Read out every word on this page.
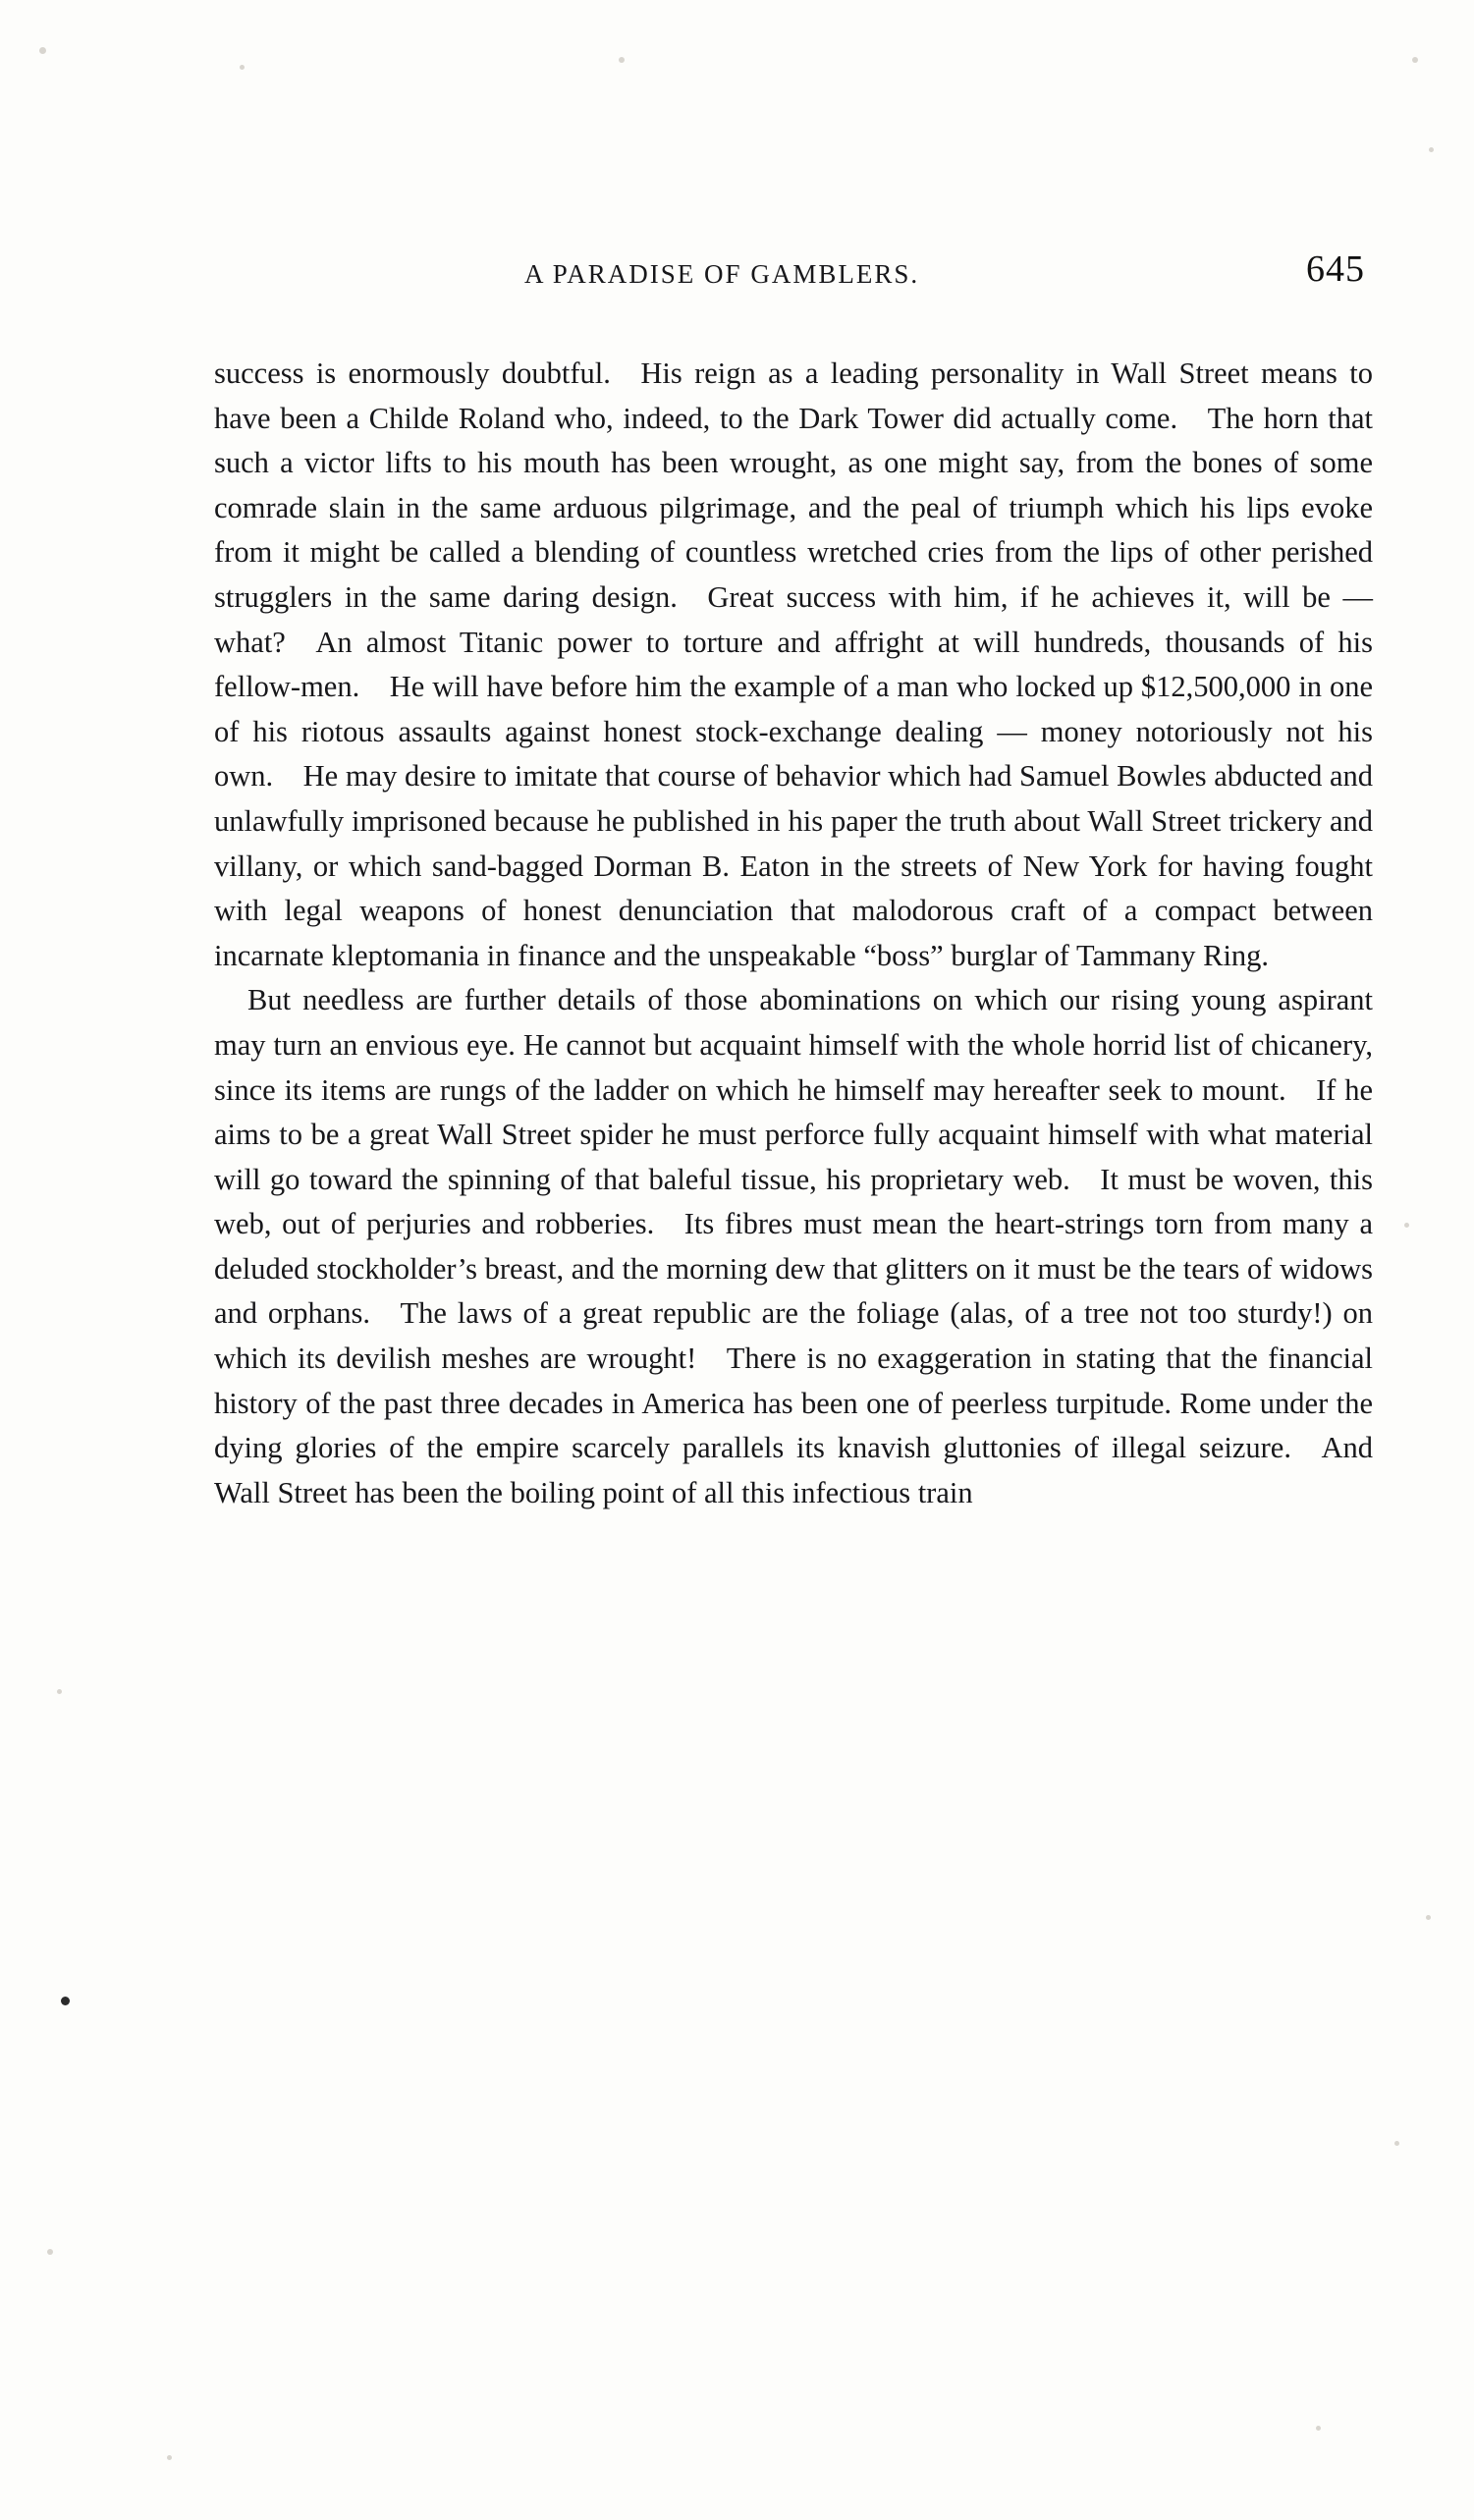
A PARADISE OF GAMBLERS.	645

success is enormously doubtful. His reign as a leading personality in Wall Street means to have been a Childe Roland who, indeed, to the Dark Tower did actually come. The horn that such a victor lifts to his mouth has been wrought, as one might say, from the bones of some comrade slain in the same arduous pilgrimage, and the peal of triumph which his lips evoke from it might be called a blending of countless wretched cries from the lips of other perished strugglers in the same daring design. Great success with him, if he achieves it, will be — what? An almost Titanic power to torture and affright at will hundreds, thousands of his fellow-men. He will have before him the example of a man who locked up $12,500,000 in one of his riotous assaults against honest stock-exchange dealing — money notoriously not his own. He may desire to imitate that course of behavior which had Samuel Bowles abducted and unlawfully imprisoned because he published in his paper the truth about Wall Street trickery and villany, or which sand-bagged Dorman B. Eaton in the streets of New York for having fought with legal weapons of honest denunciation that malodorous craft of a compact between incarnate kleptomania in finance and the unspeakable “boss” burglar of Tammany Ring.

But needless are further details of those abominations on which our rising young aspirant may turn an envious eye. He cannot but acquaint himself with the whole horrid list of chicanery, since its items are rungs of the ladder on which he himself may hereafter seek to mount. If he aims to be a great Wall Street spider he must perforce fully acquaint himself with what material will go toward the spinning of that baleful tissue, his proprietary web. It must be woven, this web, out of perjuries and robberies. Its fibres must mean the heart-strings torn from many a deluded stockholder’s breast, and the morning dew that glitters on it must be the tears of widows and orphans. The laws of a great republic are the foliage (alas, of a tree not too sturdy!) on which its devilish meshes are wrought! There is no exaggeration in stating that the financial history of the past three decades in America has been one of peerless turpitude. Rome under the dying glories of the empire scarcely parallels its knavish gluttonies of illegal seizure. And Wall Street has been the boiling point of all this infectious train
